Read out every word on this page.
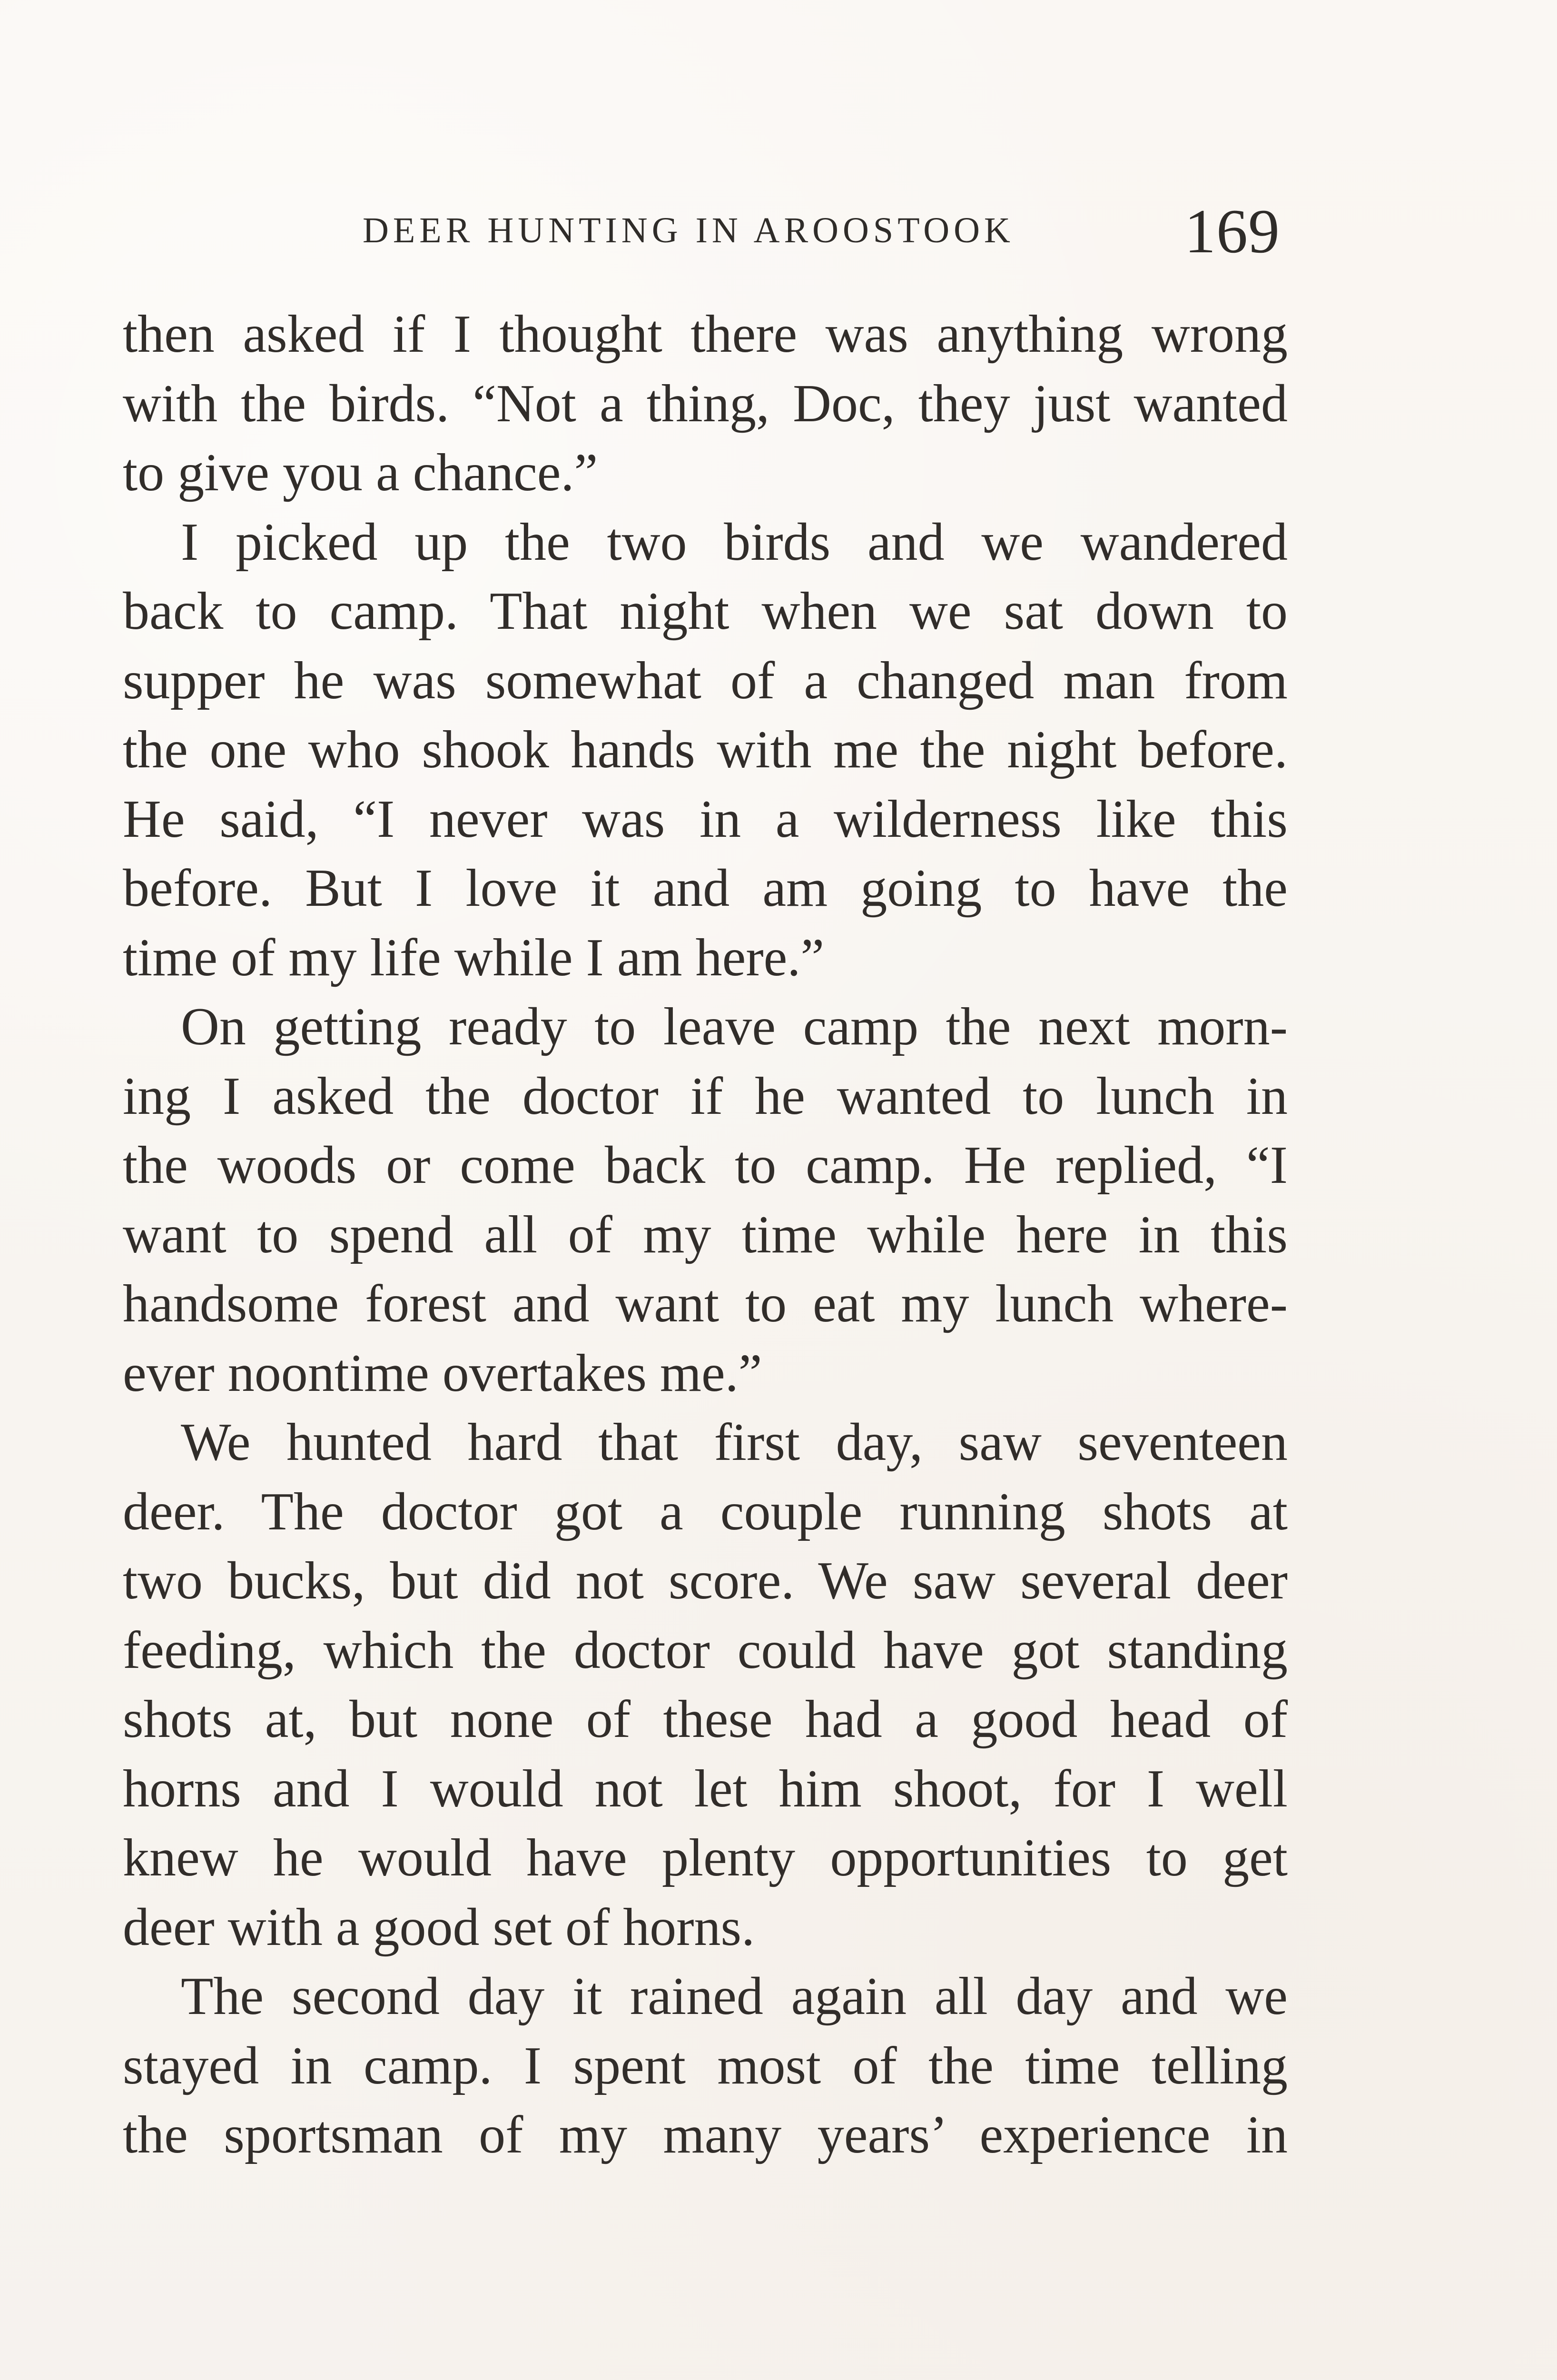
DEER HUNTING IN AROOSTOOK	169
then asked if I thought there was anything wrong
with the birds. “Not a thing, Doc, they just wanted
to give you a chance.”
I picked up the two birds and we wandered
back to camp. That night when we sat down to
supper he was somewhat of a changed man from
the one who shook hands with me the night before.
He said, “I never was in a wilderness like this
before. But I love it and am going to have the
time of my life while I am here.”
On getting ready to leave camp the next morn-
ing I asked the doctor if he wanted to lunch in
the woods or come back to camp. He replied, “I
want to spend all of my time while here in this
handsome forest and want to eat my lunch where-
ever noontime overtakes me.”
We hunted hard that first day, saw seventeen
deer. The doctor got a couple running shots at
two bucks, but did not score. We saw several deer
feeding, which the doctor could have got standing
shots at, but none of these had a good head of
horns and I would not let him shoot, for I well
knew he would have plenty opportunities to get
deer with a good set of horns.
The second day it rained again all day and we
stayed in camp. I spent most of the time telling
the sportsman of my many years’ experience in
